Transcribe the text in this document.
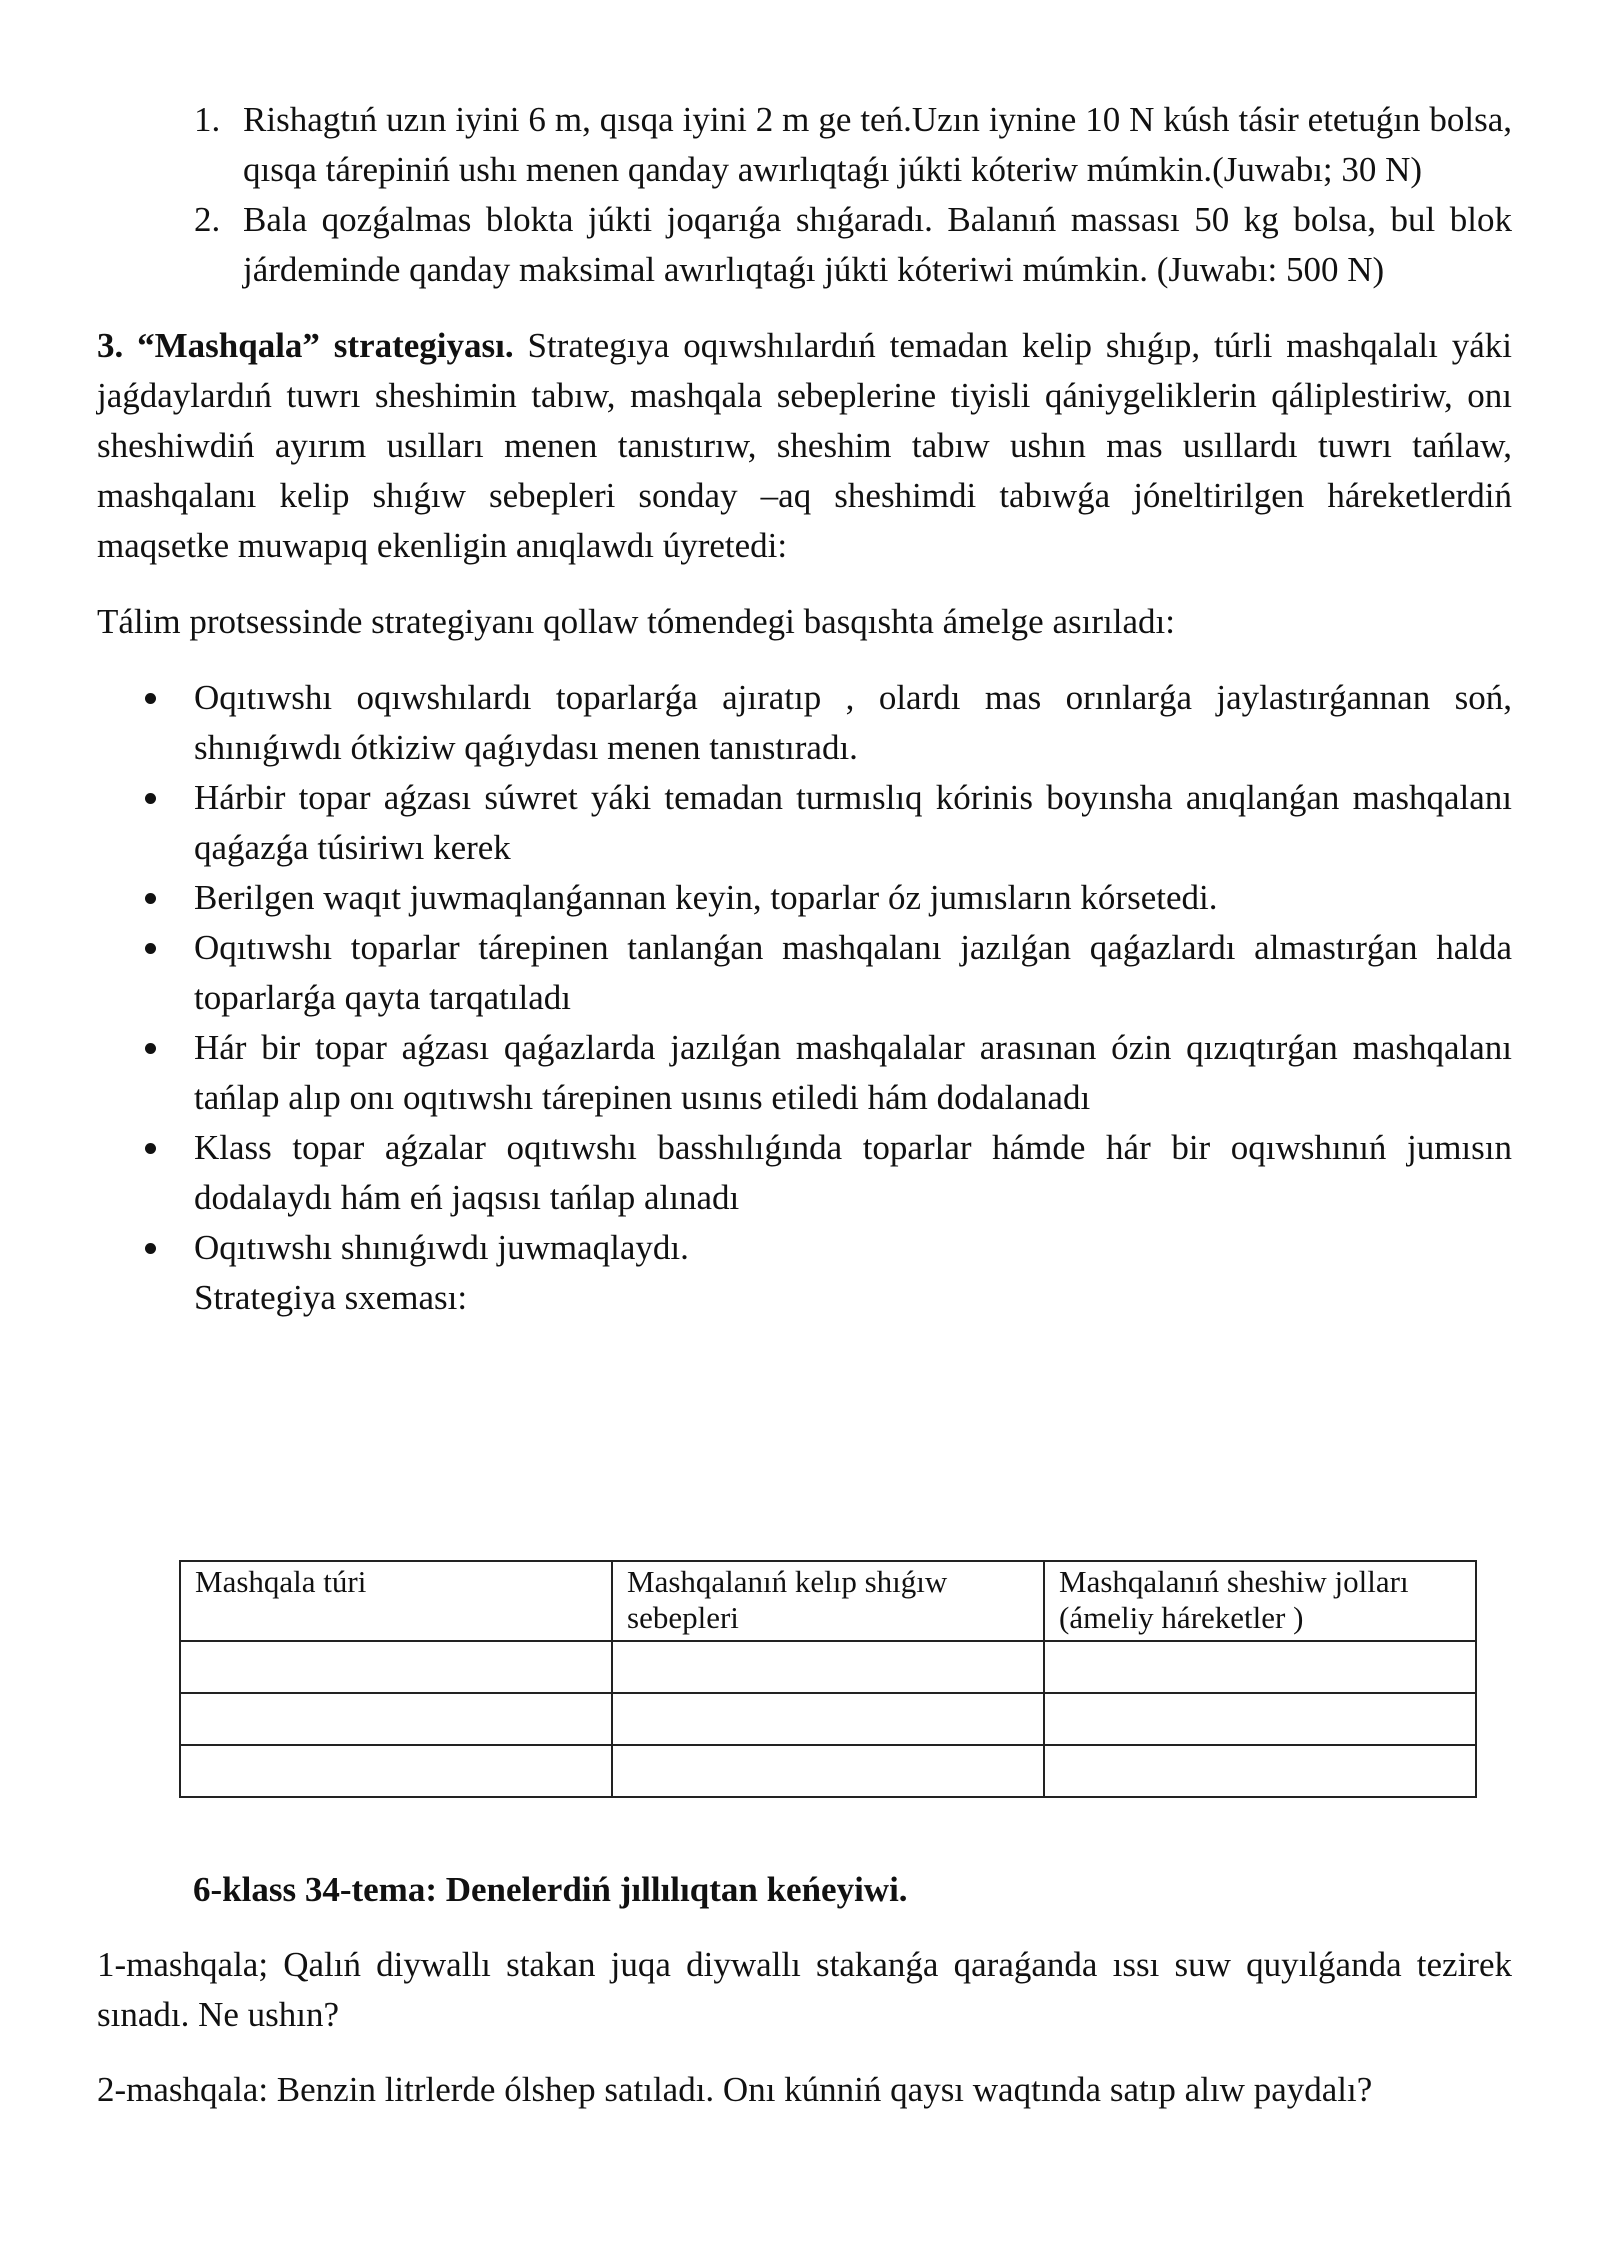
1. Rishagtıń uzın iyini 6 m, qısqa iyini 2 m ge teń.Uzın iynine 10 N kúsh tásir etetuǵın bolsa, qısqa tárepiniń ushı menen qanday awırlıqtaǵı júkti kóteriw múmkin.(Juwabı; 30 N)
2. Bala qozǵalmas blokta júkti joqarıǵa shıǵaradı. Balanıń massası 50 kg bolsa, bul blok járdeminde qanday maksimal awırlıqtaǵı júkti kóteriwi múmkin. (Juwabı: 500 N)

3. “Mashqala” strategiyası. Strategıya oqıwshılardıń temadan kelip shıǵıp, túrli mashqalalı yáki jaǵdaylardıń tuwrı sheshimin tabıw, mashqala sebeplerine tiyisli qániygeliklerin qáliplestiriw, onı sheshiwdiń ayırım usılları menen tanıstırıw, sheshim tabıw ushın mas usıllardı tuwrı tańlaw, mashqalanı kelip shıǵıw sebepleri sonday –aq sheshimdi tabıwǵa jóneltirilgen háreketlerdiń maqsetke muwapıq ekenligin anıqlawdı úyretedi:

Tálim protsessinde strategiyanı qollaw tómendegi basqıshta ámelge asırıladı:

Oqıtıwshı oqıwshılardı toparlarǵa ajıratıp , olardı mas orınlarǵa jaylastırǵannan soń, shınıǵıwdı ótkiziw qaǵıydası menen tanıstıradı.
Hárbir topar aǵzası súwret yáki temadan turmıslıq kórinis boyınsha anıqlanǵan mashqalanı qaǵazǵa túsiriwı kerek
Berilgen waqıt juwmaqlanǵannan keyin, toparlar óz jumısların kórsetedi.
Oqıtıwshı toparlar tárepinen tanlanǵan mashqalanı jazılǵan qaǵazlardı almastırǵan halda toparlarǵa qayta tarqatıladı
Hár bir topar aǵzası qaǵazlarda jazılǵan mashqalalar arasınan ózin qızıqtırǵan mashqalanı tańlap alıp onı oqıtıwshı tárepinen usınıs etiledi hám dodalanadı
Klass topar aǵzalar oqıtıwshı basshılıǵında toparlar hámde hár bir oqıwshınıń jumısın dodalaydı hám eń jaqsısı tańlap alınadı
Oqıtıwshı shınıǵıwdı juwmaqlaydı.

Strategiya sxeması:

Mashqala túri	Mashqalanıń kelıp shıǵıw sebepleri	Mashqalanıń sheshiw jolları (ámeliy háreketler )

6-klass 34-tema: Denelerdiń jıllılıqtan keńeyiwi.

1-mashqala; Qalıń diywallı stakan juqa diywallı stakanǵa qaraǵanda ıssı suw quyılǵanda tezirek sınadı. Ne ushın?

2-mashqala: Benzin litrlerde ólshep satıladı. Onı kúnniń qaysı waqtında satıp alıw paydalı?
